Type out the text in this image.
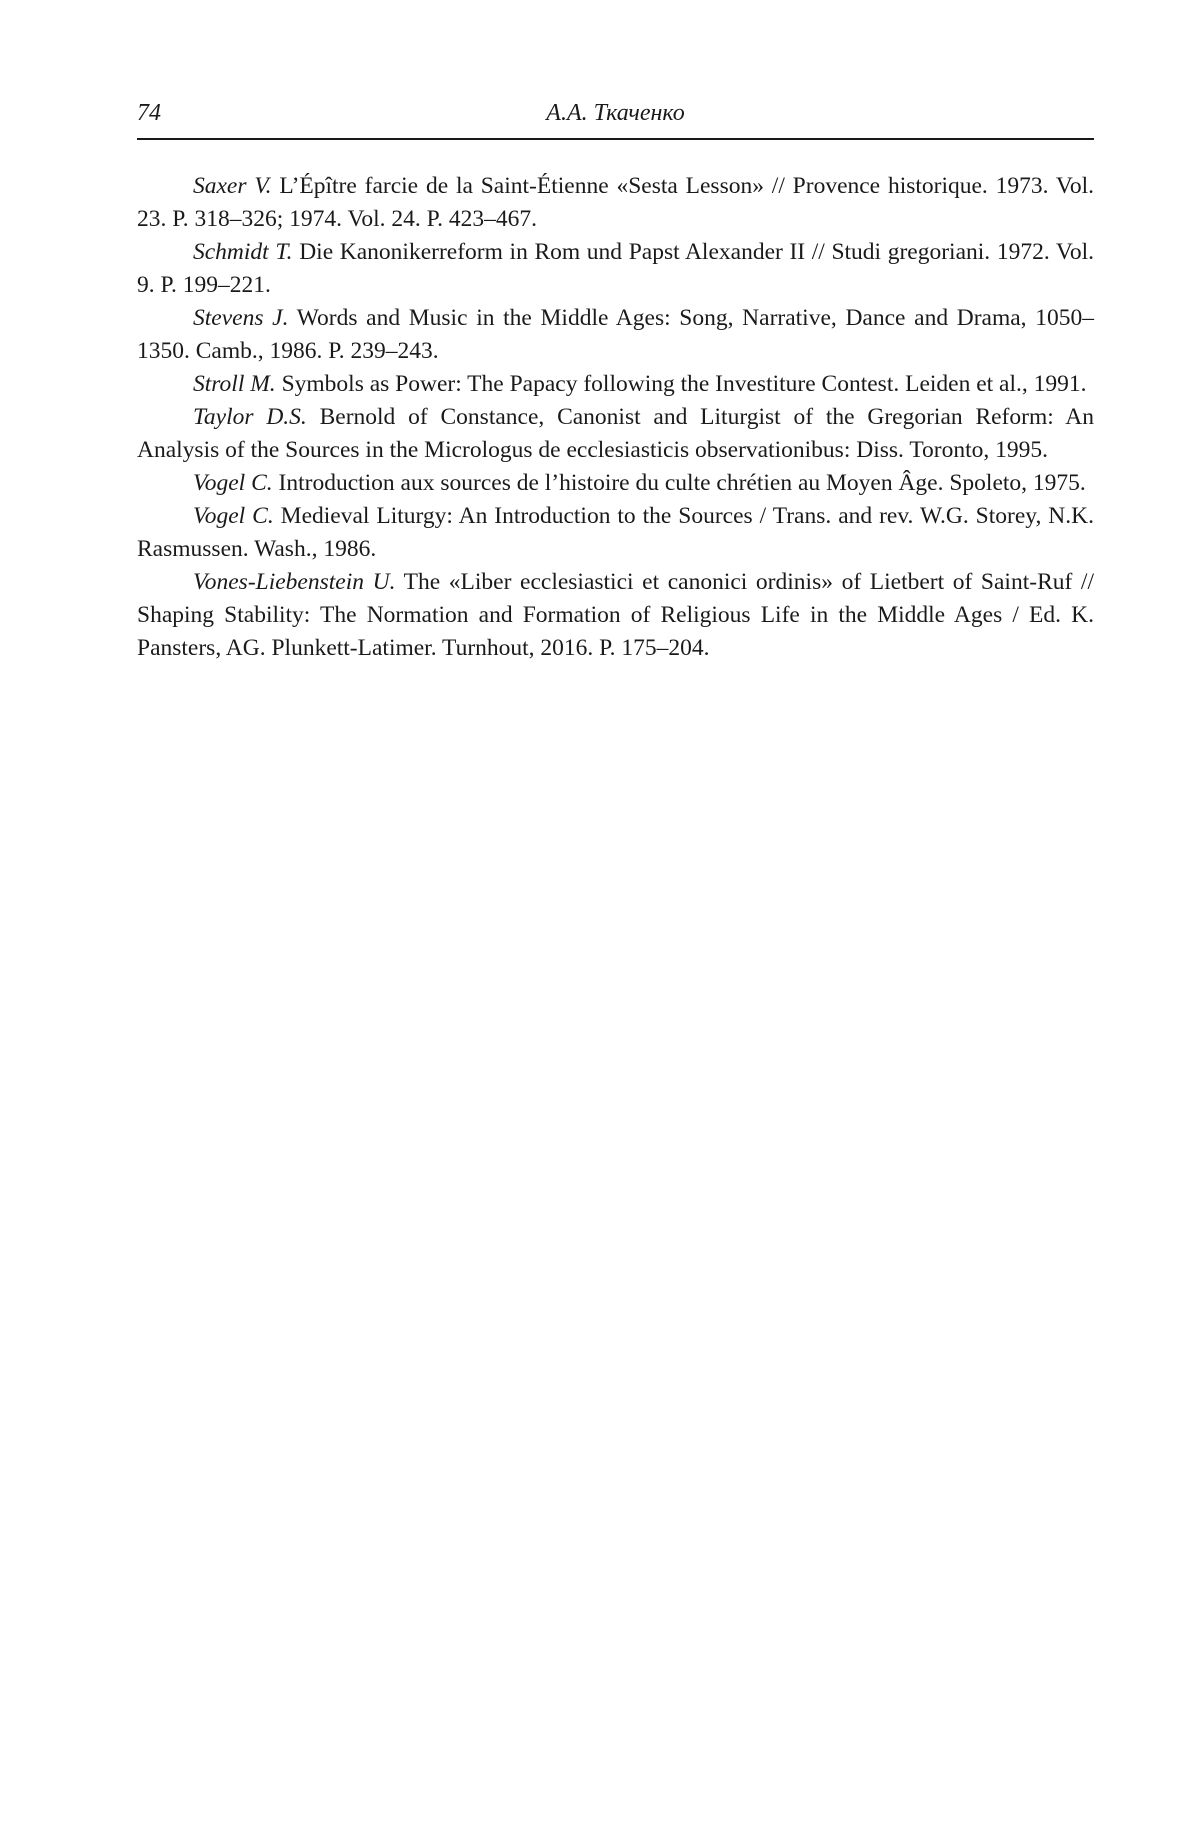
74	А.А. Ткаченко

Saxer V. L’Épître farcie de la Saint-Étienne «Sesta Lesson» // Provence historique. 1973. Vol. 23. P. 318–326; 1974. Vol. 24. P. 423–467.

Schmidt T. Die Kanonikerreform in Rom und Papst Alexander II // Studi gregoriani. 1972. Vol. 9. P. 199–221.

Stevens J. Words and Music in the Middle Ages: Song, Narrative, Dance and Drama, 1050–1350. Camb., 1986. P. 239–243.

Stroll M. Symbols as Power: The Papacy following the Investiture Contest. Leiden et al., 1991.

Taylor D.S. Bernold of Constance, Canonist and Liturgist of the Gregorian Reform: An Analysis of the Sources in the Micrologus de ecclesiasticis observationibus: Diss. Toronto, 1995.

Vogel C. Introduction aux sources de l’histoire du culte chrétien au Moyen Âge. Spoleto, 1975.

Vogel C. Medieval Liturgy: An Introduction to the Sources / Trans. and rev. W.G. Storey, N.K. Rasmussen. Wash., 1986.

Vones-Liebenstein U. The «Liber ecclesiastici et canonici ordinis» of Lietbert of Saint-Ruf // Shaping Stability: The Normation and Formation of Religious Life in the Middle Ages / Ed. K. Pansters, AG. Plunkett-Latimer. Turnhout, 2016. P. 175–204.
